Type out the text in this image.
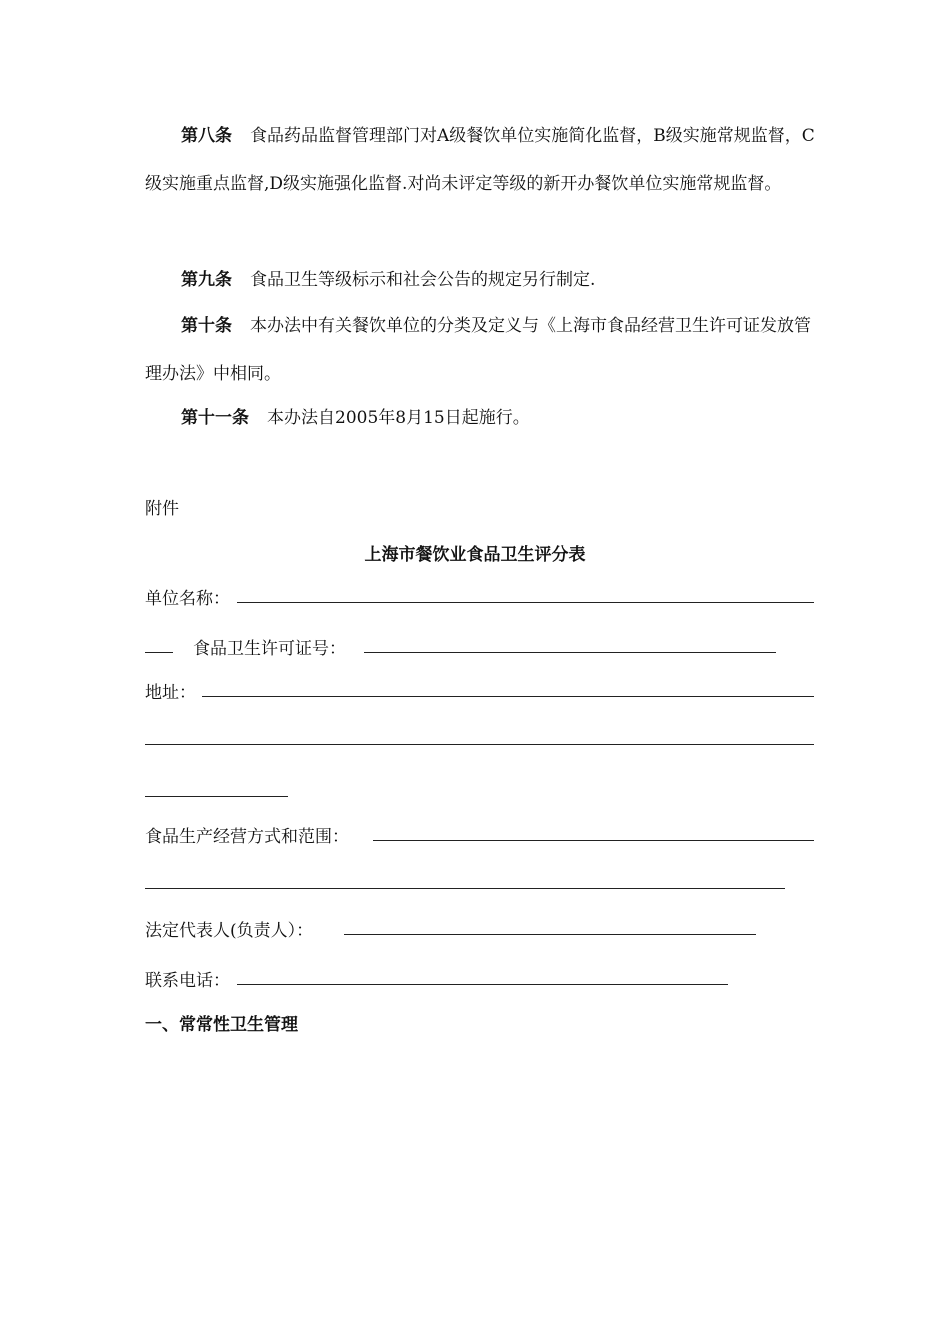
第八条 食品药品监督管理部门对A级餐饮单位实施简化监督，B级实施常规监督，C级实施重点监督,D级实施强化监督.对尚未评定等级的新开办餐饮单位实施常规监督。
第九条 食品卫生等级标示和社会公告的规定另行制定.
第十条 本办法中有关餐饮单位的分类及定义与《上海市食品经营卫生许可证发放管理办法》中相同。
第十一条 本办法自2005年8月15日起施行。
附件
上海市餐饮业食品卫生评分表
单位名称：
食品卫生许可证号：
地址：
食品生产经营方式和范围：
法定代表人(负责人）：
联系电话：
一、常常性卫生管理
